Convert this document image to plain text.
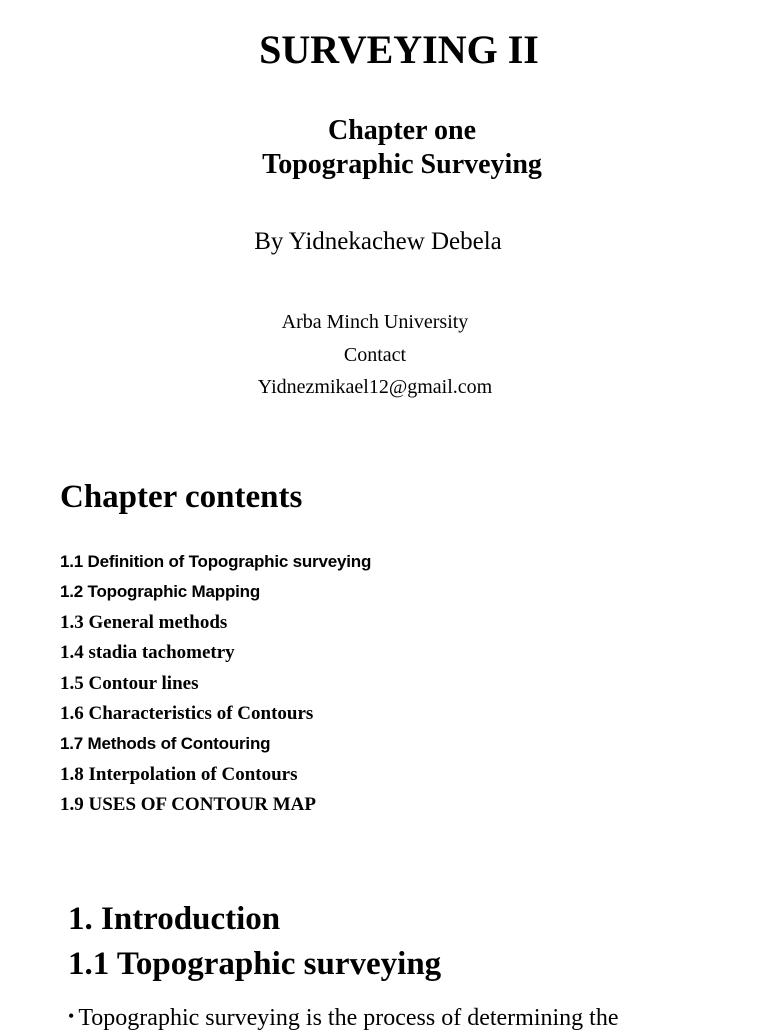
SURVEYING II
Chapter one
Topographic Surveying
By Yidnekachew Debela
Arba Minch University
Contact
Yidnezmikael12@gmail.com
Chapter contents
1.1 Definition of Topographic surveying
1.2 Topographic Mapping
1.3 General methods
1.4 stadia tachometry
1.5 Contour lines
1.6 Characteristics of Contours
1.7 Methods of Contouring
1.8 Interpolation of Contours
1.9 USES OF CONTOUR MAP
1. Introduction
1.1 Topographic surveying
• Topographic surveying is the process of determining the
